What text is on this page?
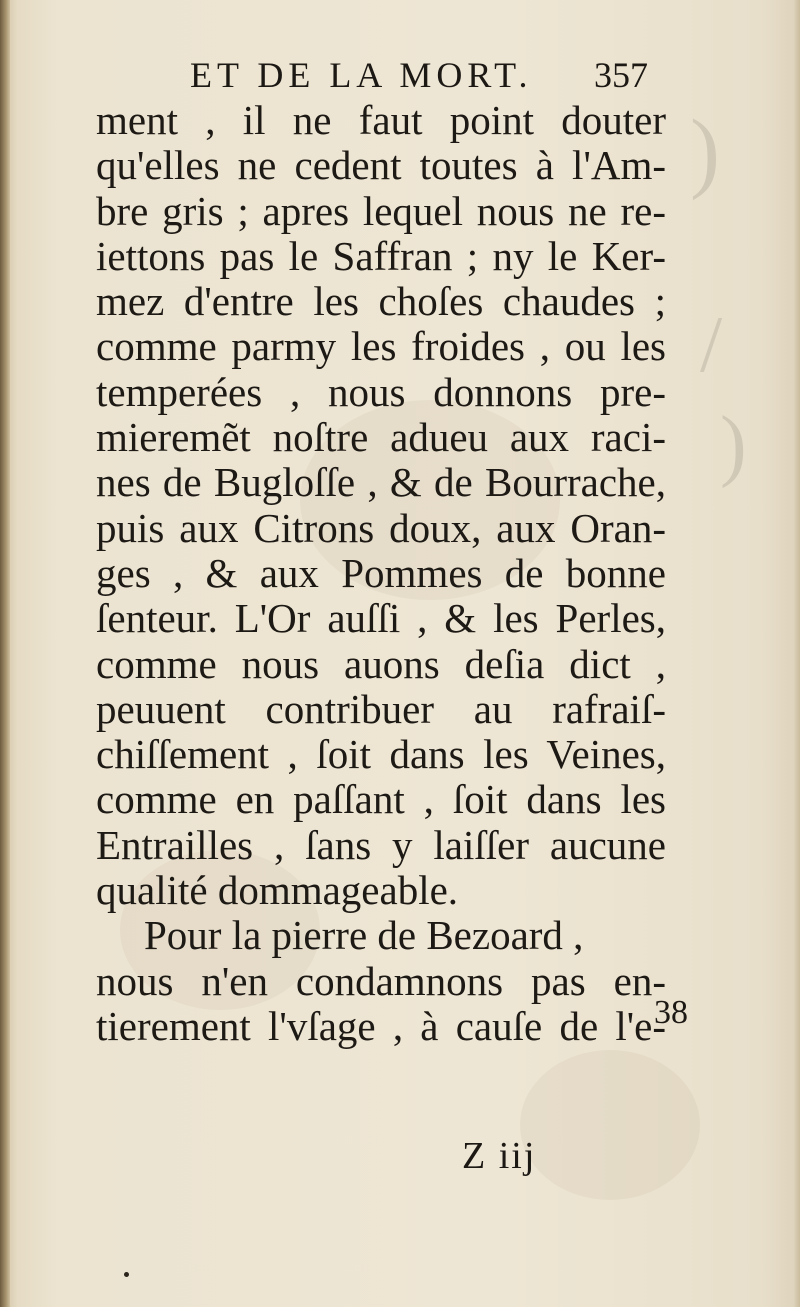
)
/
)
ET DE LA MORT.	357
ment , il ne faut point douter
qu'elles ne cedent toutes à l'Am-
bre gris ; apres lequel nous ne re-
iettons pas le Saffran ; ny le Ker-
mez d'entre les choſes chaudes ;
comme parmy les froides , ou les
temperées , nous donnons pre-
mieremẽt noſtre adueu aux raci-
nes de Bugloſſe , & de Bourrache,
puis aux Citrons doux, aux Oran-
ges , & aux Pommes de bonne
ſenteur. L'Or auſſi , & les Perles,
comme nous auons deſia dict ,
peuuent contribuer au rafraiſ-
chiſſement , ſoit dans les Veines,
comme en paſſant , ſoit dans les
Entrailles , ſans y laiſſer aucune
qualité dommageable.
Pour la pierre de Bezoard ,
nous n'en condamnons pas en-
tierement l'vſage , à cauſe de l'e-
38
Z iij
